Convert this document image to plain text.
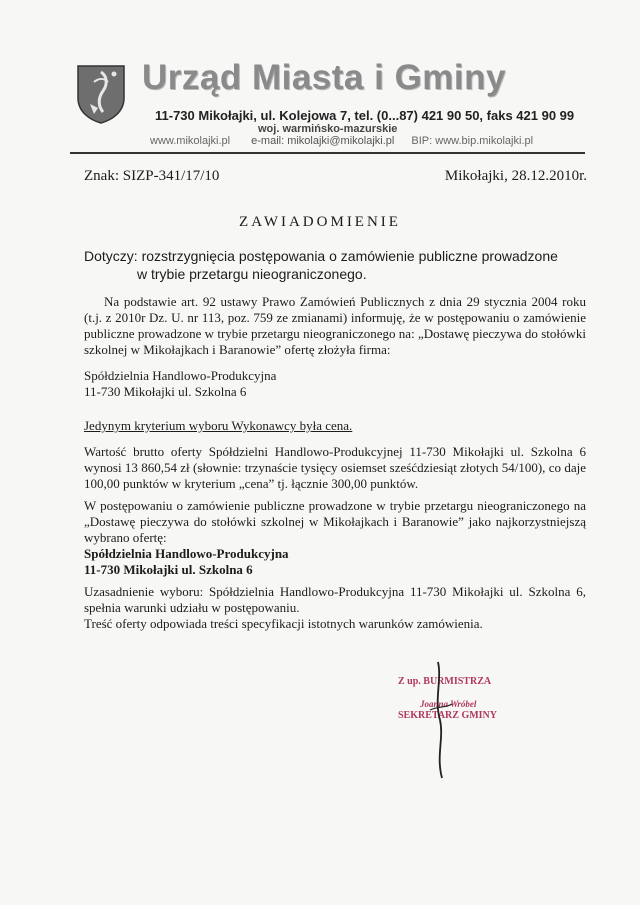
Urząd Miasta i Gminy
11-730 Mikołajki, ul. Kolejowa 7, tel. (0...87) 421 90 50, faks 421 90 99
woj. warmińsko-mazurskie
www.mikolajki.pl e-mail: mikolajki@mikolajki.pl BIP: www.bip.mikolajki.pl
Znak: SIZP-341/17/10	Mikołajki, 28.12.2010r.
ZAWIADOMIENIE
Dotyczy: rozstrzygnięcia postępowania o zamówienie publiczne prowadzone
w trybie przetargu nieograniczonego.
Na podstawie art. 92 ustawy Prawo Zamówień Publicznych z dnia 29 stycznia 2004 roku (t.j. z 2010r Dz. U. nr 113, poz. 759 ze zmianami) informuję, że w postępowaniu o zamówienie publiczne prowadzone w trybie przetargu nieograniczonego na: „Dostawę pieczywa do stołówki szkolnej w Mikołajkach i Baranowie” ofertę złożyła firma:
Spółdzielnia Handlowo-Produkcyjna
11-730 Mikołajki ul. Szkolna 6
Jedynym kryterium wyboru Wykonawcy była cena.
Wartość brutto oferty Spółdzielni Handlowo-Produkcyjnej 11-730 Mikołajki ul. Szkolna 6 wynosi 13 860,54 zł (słownie: trzynaście tysięcy osiemset sześćdziesiąt złotych 54/100), co daje 100,00 punktów w kryterium „cena” tj. łącznie 300,00 punktów.
W postępowaniu o zamówienie publiczne prowadzone w trybie przetargu nieograniczonego na „Dostawę pieczywa do stołówki szkolnej w Mikołajkach i Baranowie” jako najkorzystniejszą wybrano ofertę:
Spółdzielnia Handlowo-Produkcyjna
11-730 Mikołajki ul. Szkolna 6
Uzasadnienie wyboru: Spółdzielnia Handlowo-Produkcyjna 11-730 Mikołajki ul. Szkolna 6, spełnia warunki udziału w postępowaniu.
Treść oferty odpowiada treści specyfikacji istotnych warunków zamówienia.
Z up. BURMISTRZA
Joanna Wróbel
SEKRETARZ GMINY
